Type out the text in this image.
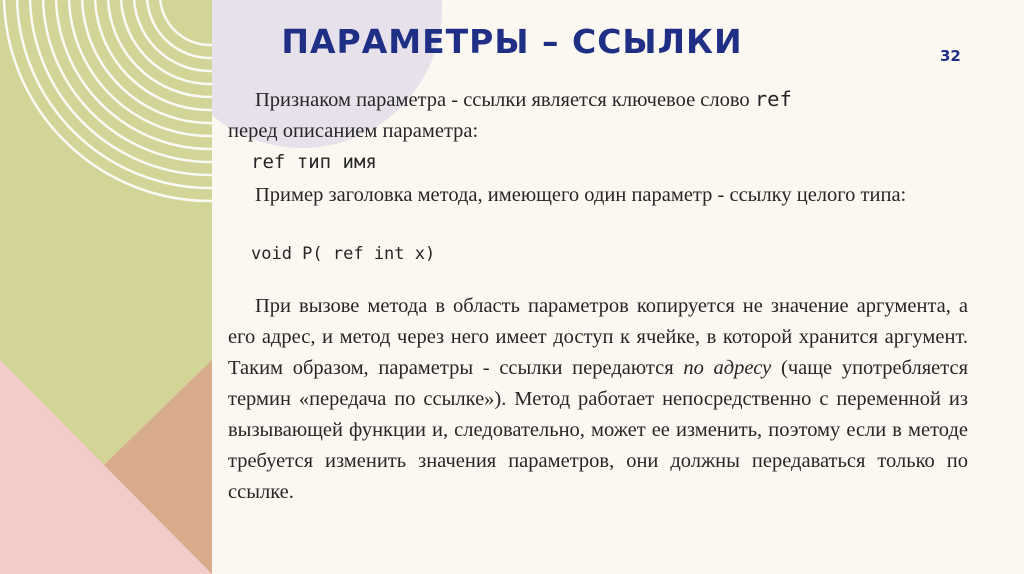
ПАРАМЕТРЫ – ССЫЛКИ	32

Признаком параметра - ссылки является ключевое слово ref
перед описанием параметра:

ref тип имя

Пример заголовка метода, имеющего один параметр - ссылку целого типа:

void P( ref int x)

При вызове метода в область параметров копируется не значение аргумента, а его адрес, и метод через него имеет доступ к ячейке, в которой хранится аргумент. Таким образом, параметры - ссылки передаются по адресу (чаще употребляется термин «передача по ссылке»). Метод работает непосредственно с переменной из вызывающей функции и, следовательно, может ее изменить, поэтому если в методе требуется изменить значения параметров, они должны передаваться только по ссылке.
